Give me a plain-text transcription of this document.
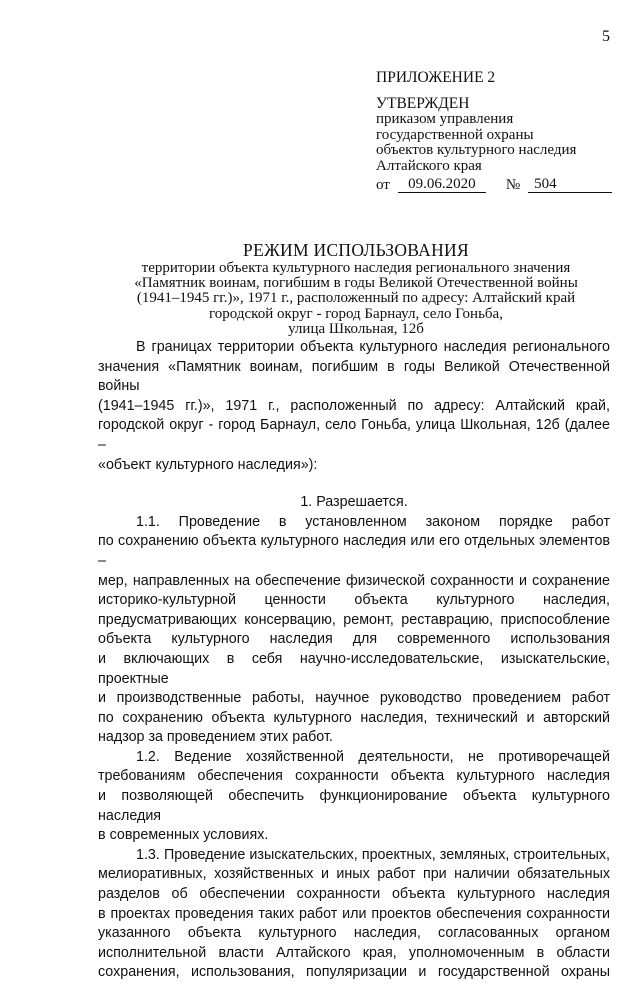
5
ПРИЛОЖЕНИЕ 2
УТВЕРЖДЕН
приказом управления
государственной охраны
объектов культурного наследия
Алтайского края
от	09.06.2020	№ 504
РЕЖИМ ИСПОЛЬЗОВАНИЯ
территории объекта культурного наследия регионального значения
«Памятник воинам, погибшим в годы Великой Отечественной войны
(1941–1945 гг.)», 1971 г., расположенный по адресу: Алтайский край
городской округ - город Барнаул, село Гоньба,
улица Школьная, 12б

В границах территории объекта культурного наследия регионального

значения «Памятник воинам, погибшим в годы Великой Отечественной войны

(1941–1945 гг.)», 1971 г., расположенный по адресу: Алтайский край,

городской округ - город Барнаул, село Гоньба, улица Школьная, 12б (далее –

«объект культурного наследия»):

1. Разрешается.

1.1. Проведение в установленном законом порядке работ

по сохранению объекта культурного наследия или его отдельных элементов –

мер, направленных на обеспечение физической сохранности и сохранение

историко-культурной ценности объекта культурного наследия,

предусматривающих консервацию, ремонт, реставрацию, приспособление

объекта культурного наследия для современного использования

и включающих в себя научно-исследовательские, изыскательские, проектные

и производственные работы, научное руководство проведением работ

по сохранению объекта культурного наследия, технический и авторский

надзор за проведением этих работ.

1.2. Ведение хозяйственной деятельности, не противоречащей

требованиям обеспечения сохранности объекта культурного наследия

и позволяющей обеспечить функционирование объекта культурного наследия

в современных условиях.

1.3. Проведение изыскательских, проектных, земляных, строительных,

мелиоративных, хозяйственных и иных работ при наличии обязательных

разделов об обеспечении сохранности объекта культурного наследия

в проектах проведения таких работ или проектов обеспечения сохранности

указанного объекта культурного наследия, согласованных органом

исполнительной власти Алтайского края, уполномоченным в области

сохранения, использования, популяризации и государственной охраны
